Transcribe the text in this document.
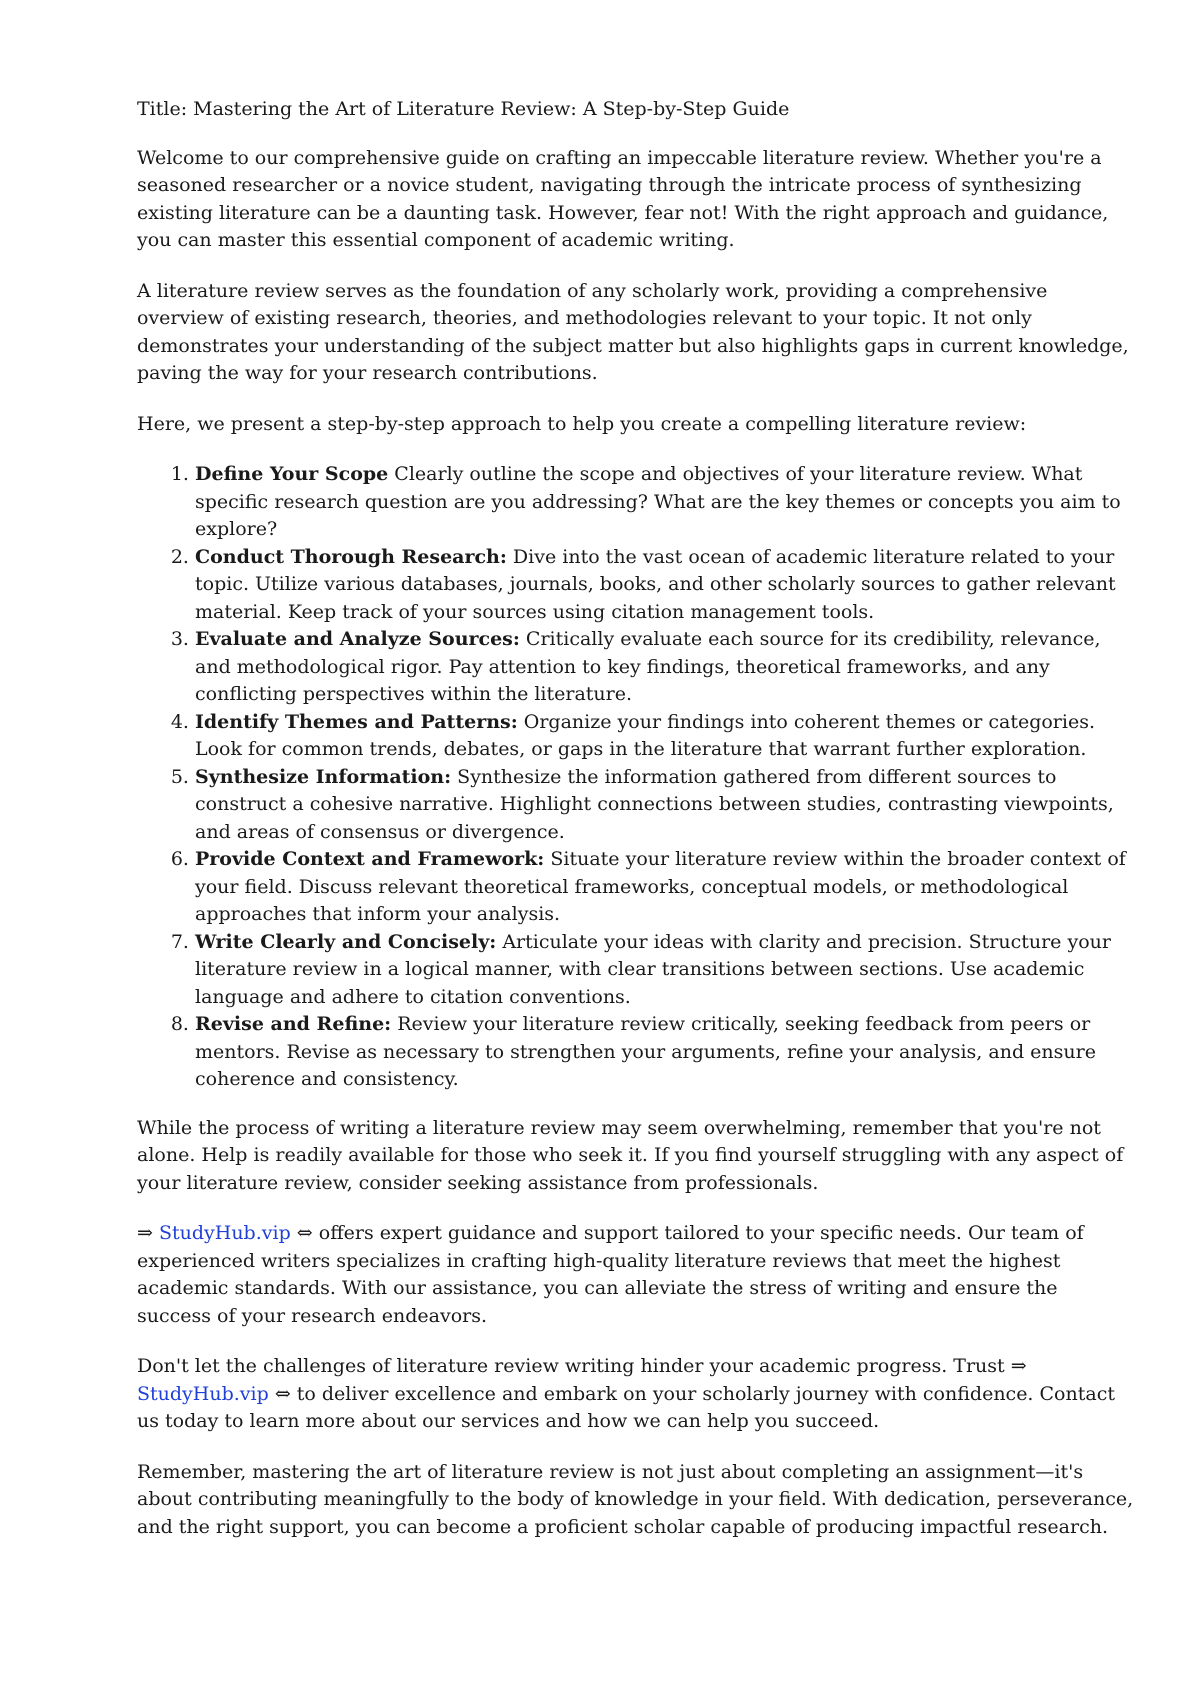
Title: Mastering the Art of Literature Review: A Step-by-Step Guide

Welcome to our comprehensive guide on crafting an impeccable literature review. Whether you're a seasoned researcher or a novice student, navigating through the intricate process of synthesizing existing literature can be a daunting task. However, fear not! With the right approach and guidance, you can master this essential component of academic writing.

A literature review serves as the foundation of any scholarly work, providing a comprehensive overview of existing research, theories, and methodologies relevant to your topic. It not only demonstrates your understanding of the subject matter but also highlights gaps in current knowledge, paving the way for your research contributions.

Here, we present a step-by-step approach to help you create a compelling literature review:

1. Define Your Scope Clearly outline the scope and objectives of your literature review. What specific research question are you addressing? What are the key themes or concepts you aim to explore?
2. Conduct Thorough Research: Dive into the vast ocean of academic literature related to your topic. Utilize various databases, journals, books, and other scholarly sources to gather relevant material. Keep track of your sources using citation management tools.
3. Evaluate and Analyze Sources: Critically evaluate each source for its credibility, relevance, and methodological rigor. Pay attention to key findings, theoretical frameworks, and any conflicting perspectives within the literature.
4. Identify Themes and Patterns: Organize your findings into coherent themes or categories. Look for common trends, debates, or gaps in the literature that warrant further exploration.
5. Synthesize Information: Synthesize the information gathered from different sources to construct a cohesive narrative. Highlight connections between studies, contrasting viewpoints, and areas of consensus or divergence.
6. Provide Context and Framework: Situate your literature review within the broader context of your field. Discuss relevant theoretical frameworks, conceptual models, or methodological approaches that inform your analysis.
7. Write Clearly and Concisely: Articulate your ideas with clarity and precision. Structure your literature review in a logical manner, with clear transitions between sections. Use academic language and adhere to citation conventions.
8. Revise and Refine: Review your literature review critically, seeking feedback from peers or mentors. Revise as necessary to strengthen your arguments, refine your analysis, and ensure coherence and consistency.

While the process of writing a literature review may seem overwhelming, remember that you're not alone. Help is readily available for those who seek it. If you find yourself struggling with any aspect of your literature review, consider seeking assistance from professionals.

⇒ StudyHub.vip ⇔ offers expert guidance and support tailored to your specific needs. Our team of experienced writers specializes in crafting high-quality literature reviews that meet the highest academic standards. With our assistance, you can alleviate the stress of writing and ensure the success of your research endeavors.

Don't let the challenges of literature review writing hinder your academic progress. Trust ⇒ StudyHub.vip ⇔ to deliver excellence and embark on your scholarly journey with confidence. Contact us today to learn more about our services and how we can help you succeed.

Remember, mastering the art of literature review is not just about completing an assignment—it's about contributing meaningfully to the body of knowledge in your field. With dedication, perseverance, and the right support, you can become a proficient scholar capable of producing impactful research.
